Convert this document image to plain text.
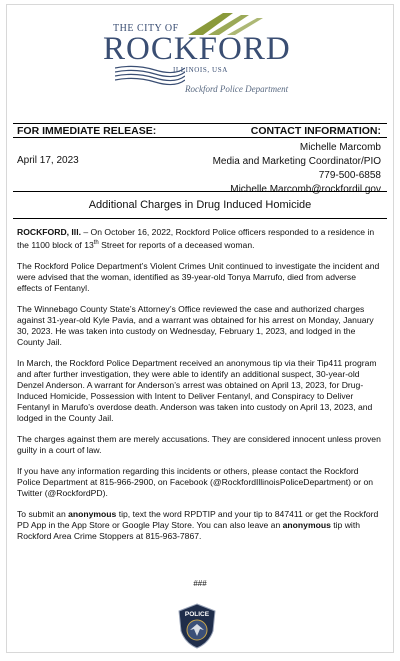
THE CITY OF
ROCKFORD
ILLINOIS, USA
Rockford Police Department
FOR IMMEDIATE RELEASE:	CONTACT INFORMATION:
Michelle Marcomb
Media and Marketing Coordinator/PIO
779-500-6858
Michelle.Marcomb@rockfordil.gov
April 17, 2023
Additional Charges in Drug Induced Homicide

ROCKFORD, Ill. – On October 16, 2022, Rockford Police officers responded to a residence in the 1100 block of 13th Street for reports of a deceased woman.

The Rockford Police Department’s Violent Crimes Unit continued to investigate the incident and were advised that the woman, identified as 39-year-old Tonya Marrufo, died from adverse effects of Fentanyl.

The Winnebago County State’s Attorney’s Office reviewed the case and authorized charges against 31-year-old Kyle Pavia, and a warrant was obtained for his arrest on Monday, January 30, 2023. He was taken into custody on Wednesday, February 1, 2023, and lodged in the County Jail.

In March, the Rockford Police Department received an anonymous tip via their Tip411 program and after further investigation, they were able to identify an additional suspect, 30-year-old Denzel Anderson. A warrant for Anderson’s arrest was obtained on April 13, 2023, for Drug-Induced Homicide, Possession with Intent to Deliver Fentanyl, and Conspiracy to Deliver Fentanyl in Marufo’s overdose death. Anderson was taken into custody on April 13, 2023, and lodged in the County Jail.

The charges against them are merely accusations. They are considered innocent unless proven guilty in a court of law.

If you have any information regarding this incidents or others, please contact the Rockford Police Department at 815-966-2900, on Facebook (@RockfordIllinoisPoliceDepartment) or on Twitter (@RockfordPD).

To submit an anonymous tip, text the word RPDTIP and your tip to 847411 or get the Rockford PD App in the App Store or Google Play Store. You can also leave an anonymous tip with Rockford Area Crime Stoppers at 815-963-7867.

###
POLICE
